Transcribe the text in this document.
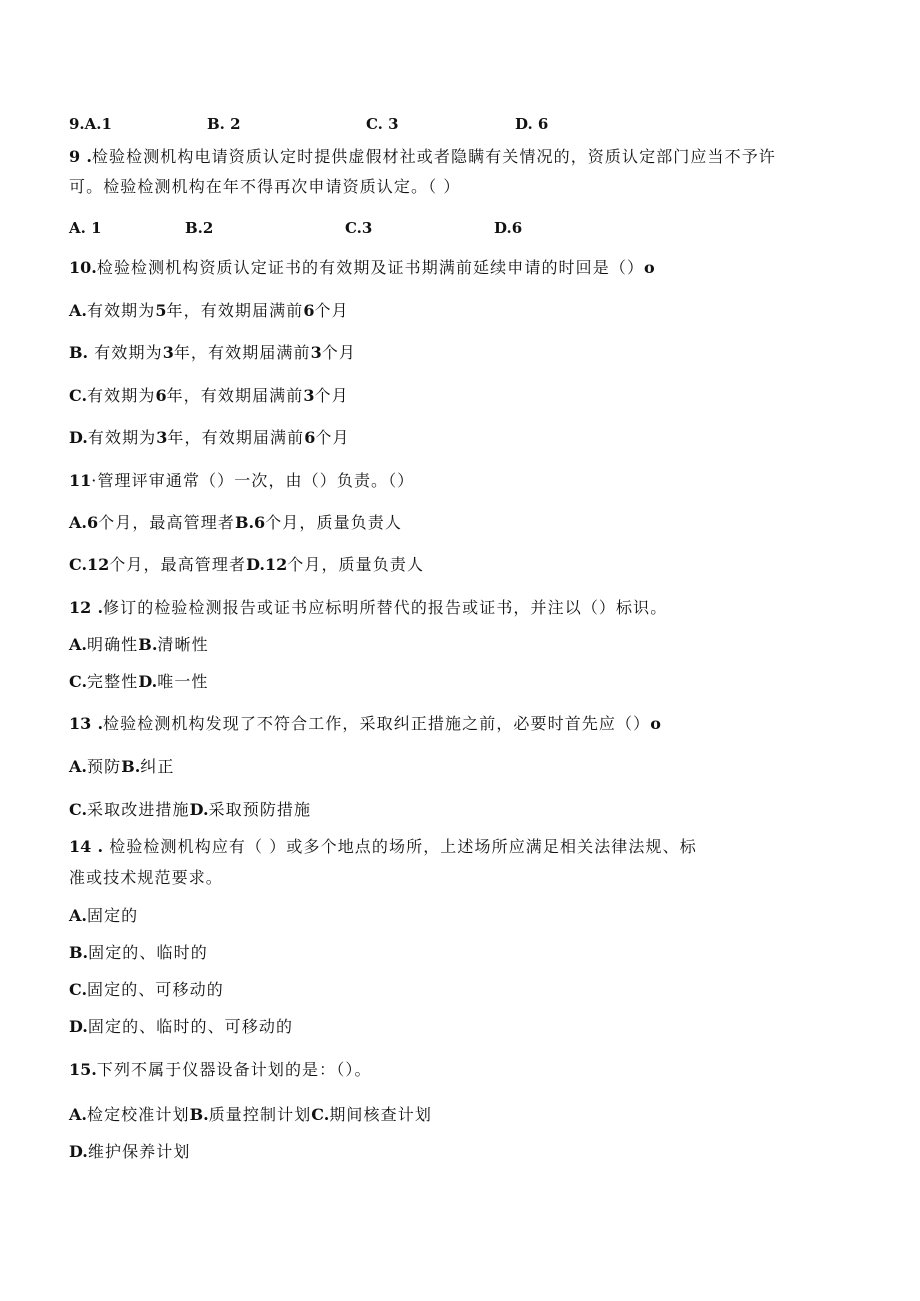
9.A.1	B. 2	C. 3	D. 6
9 .检验检测机构电请资质认定时提供虚假材社或者隐瞒有关情况的，资质认定部门应当不予许
可。检验检测机构在年不得再次申请资质认定。（ ）
A. 1	B.2	C.3	D.6
10.检验检测机构资质认定证书的有效期及证书期满前延续申请的时回是（）o
A.有效期为5年，有效期届满前6个月
B. 有效期为3年，有效期届满前3个月
C.有效期为6年，有效期届满前3个月
D.有效期为3年，有效期届满前6个月
11·管理评审通常（）一次，由（）负责。（）
A.6个月，最高管理者B.6个月，质量负责人
C.12个月，最高管理者D.12个月，质量负责人
12 .修订的检验检测报告或证书应标明所替代的报告或证书，并注以（）标识。
A.明确性B.清晰性
C.完整性D.唯一性
13 .检验检测机构发现了不符合工作，采取纠正措施之前，必要时首先应（）o
A.预防B.纠正
C.采取改进措施D.采取预防措施
14 . 检验检测机构应有（ ）或多个地点的场所，上述场所应满足相关法律法规、标
准或技术规范要求。
A.固定的
B.固定的、临时的
C.固定的、可移动的
D.固定的、临时的、可移动的
15.下列不属于仪器设备计划的是：（）。
A.检定校准计划B.质量控制计划C.期间核查计划
D.维护保养计划
